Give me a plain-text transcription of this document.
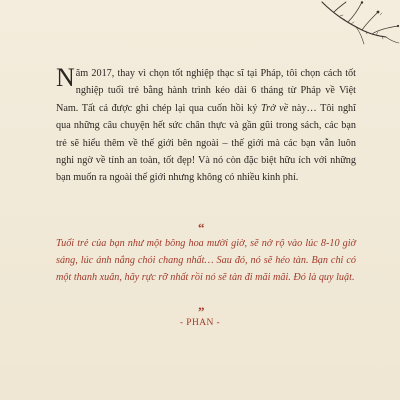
Năm 2017, thay vì chọn tốt nghiệp thạc sĩ tại Pháp, tôi chọn cách tốt nghiệp tuổi trẻ bằng hành trình kéo dài 6 tháng từ Pháp về Việt Nam. Tất cả được ghi chép lại qua cuốn hồi ký Trở về này… Tôi nghĩ qua những câu chuyện hết sức chân thực và gần gũi trong sách, các bạn trẻ sẽ hiểu thêm về thế giới bên ngoài – thế giới mà các bạn vẫn luôn nghi ngờ về tính an toàn, tốt đẹp! Và nó còn đặc biệt hữu ích với những bạn muốn ra ngoài thế giới nhưng không có nhiều kinh phí.
“
Tuổi trẻ của bạn như một bông hoa mười giờ, sẽ nở rộ vào lúc 8-10 giờ sáng, lúc ánh nắng chói chang nhất… Sau đó, nó sẽ héo tàn. Bạn chỉ có một thanh xuân, hãy rực rỡ nhất rồi nó sẽ tàn đi mãi mãi. Đó là quy luật.
”
- PHAN -
